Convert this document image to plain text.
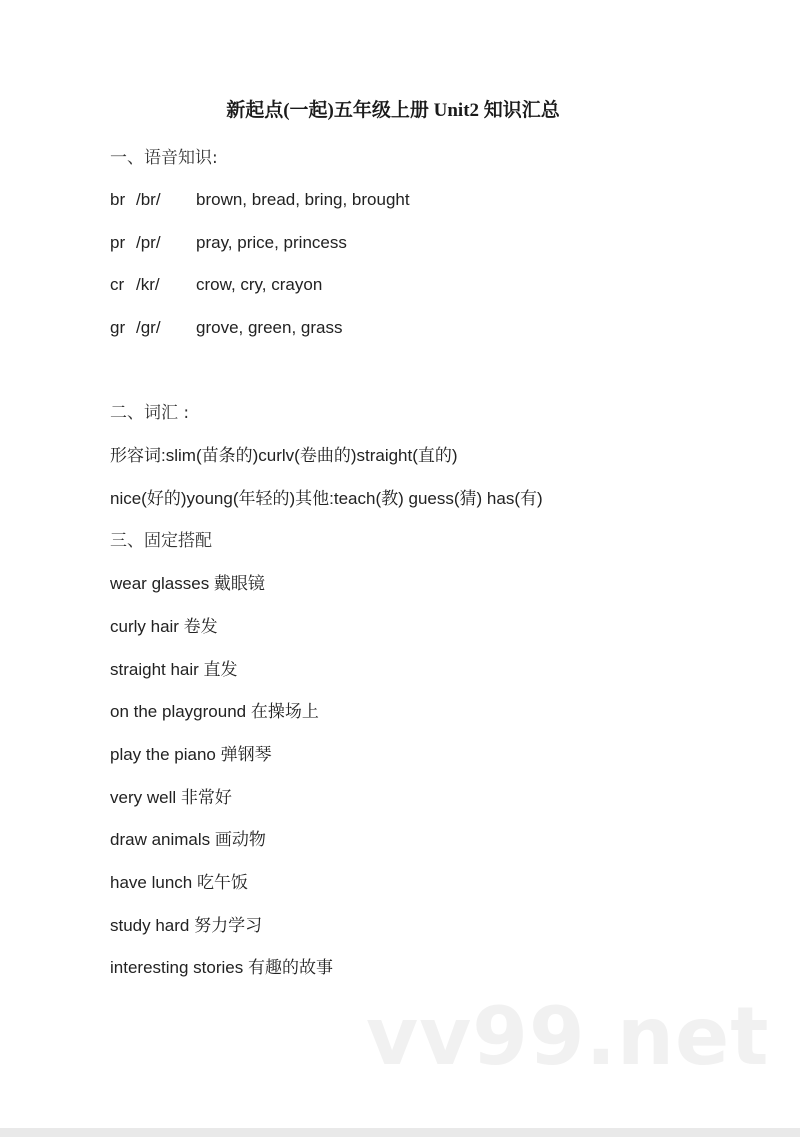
新起点(一起)五年级上册 Unit2 知识汇总
一、语音知识:
br /br/ brown, bread, bring, brought
pr /pr/ pray, price, princess
cr /kr/ crow, cry, crayon
gr /gr/ grove, green, grass
二、词汇 :
形容词:slim(苗条的)curlv(卷曲的)straight(直的)
nice(好的)young(年轻的)其他:teach(教) guess(猜) has(有)
三、固定搭配
wear glasses 戴眼镜
curly hair 卷发
straight hair 直发
on the playground 在操场上
play the piano 弹钢琴
very well 非常好
draw animals 画动物
have lunch 吃午饭
study hard 努力学习
interesting stories 有趣的故事
vv99.net
